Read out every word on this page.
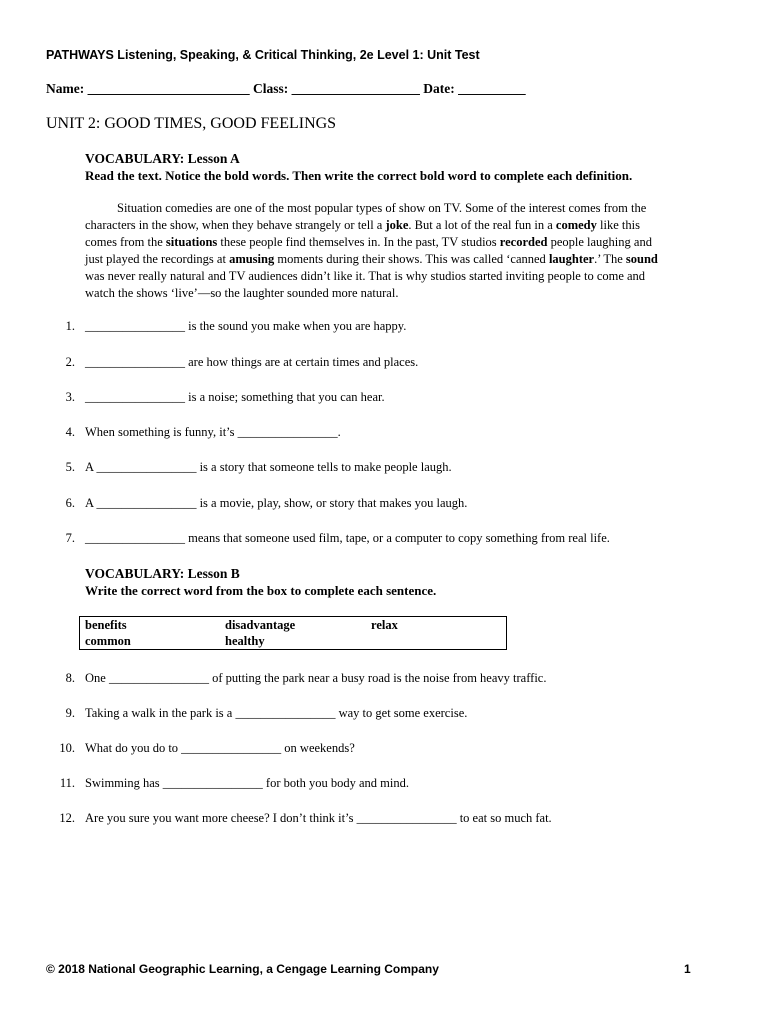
PATHWAYS Listening, Speaking, & Critical Thinking, 2e Level 1: Unit Test
Name: ________________________ Class: ___________________ Date: __________
UNIT 2: GOOD TIMES, GOOD FEELINGS
VOCABULARY: Lesson A
Read the text. Notice the bold words. Then write the correct bold word to complete each definition.
Situation comedies are one of the most popular types of show on TV. Some of the interest comes from the
characters in the show, when they behave strangely or tell a joke. But a lot of the real fun in a comedy like this
comes from the situations these people find themselves in. In the past, TV studios recorded people laughing and
just played the recordings at amusing moments during their shows. This was called ‘canned laughter.’ The sound
was never really natural and TV audiences didn’t like it. That is why studios started inviting people to come and
watch the shows ‘live’—so the laughter sounded more natural.
1. ________________ is the sound you make when you are happy.
2. ________________ are how things are at certain times and places.
3. ________________ is a noise; something that you can hear.
4. When something is funny, it’s ________________.
5. A ________________ is a story that someone tells to make people laugh.
6. A ________________ is a movie, play, show, or story that makes you laugh.
7. ________________ means that someone used film, tape, or a computer to copy something from real life.
VOCABULARY: Lesson B
Write the correct word from the box to complete each sentence.
benefits	disadvantage	relax
common	healthy
8. One ________________ of putting the park near a busy road is the noise from heavy traffic.
9. Taking a walk in the park is a ________________ way to get some exercise.
10. What do you do to ________________ on weekends?
11. Swimming has ________________ for both you body and mind.
12. Are you sure you want more cheese? I don’t think it’s ________________ to eat so much fat.
© 2018 National Geographic Learning, a Cengage Learning Company	1
